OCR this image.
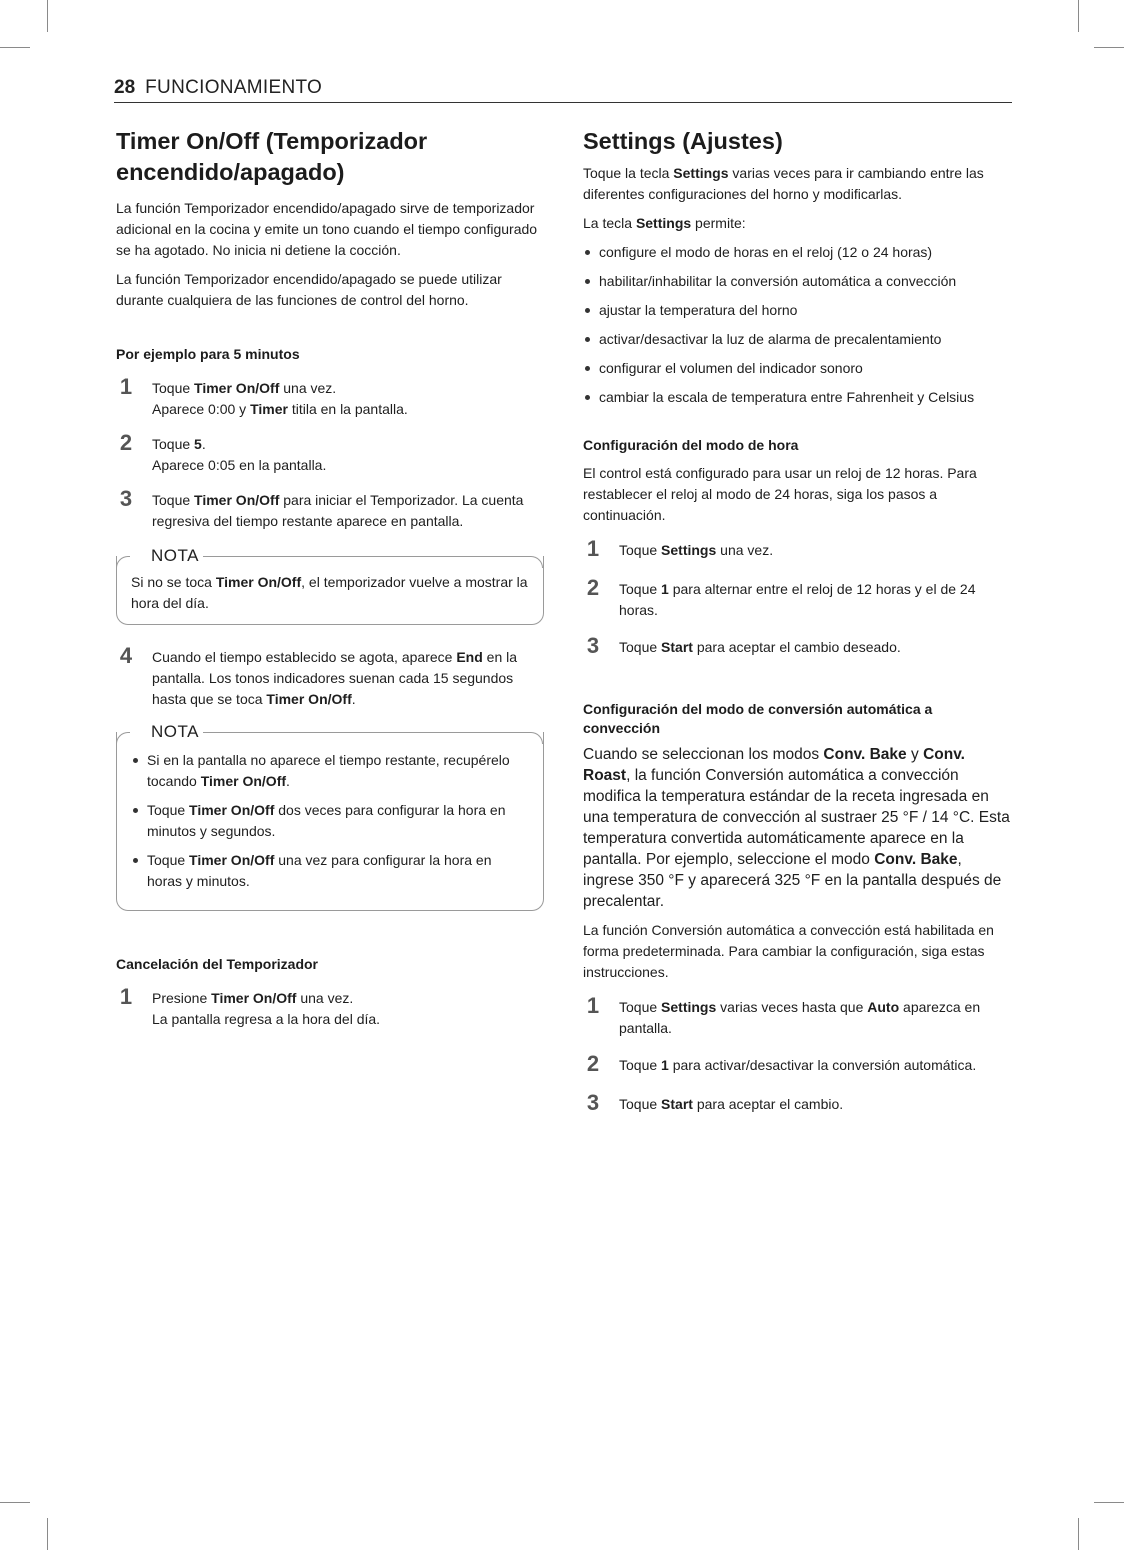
28 FUNCIONAMIENTO
Timer On/Off (Temporizador
encendido/apagado)

La función Temporizador encendido/apagado sirve de temporizador adicional en la cocina y emite un tono cuando el tiempo configurado se ha agotado. No inicia ni detiene la cocción.

La función Temporizador encendido/apagado se puede utilizar durante cualquiera de las funciones de control del horno.

Por ejemplo para 5 minutos
1 Toque Timer On/Off una vez.
Aparece 0:00 y Timer titila en la pantalla.
2 Toque 5.
Aparece 0:05 en la pantalla.
3 Toque Timer On/Off para iniciar el Temporizador. La cuenta regresiva del tiempo restante aparece en pantalla.
NOTA

Si no se toca Timer On/Off, el temporizador vuelve a mostrar la hora del día.

4 Cuando el tiempo establecido se agota, aparece End en la pantalla. Los tonos indicadores suenan cada 15 segundos hasta que se toca Timer On/Off.
NOTA
Si en la pantalla no aparece el tiempo restante, recupérelo tocando Timer On/Off.
Toque Timer On/Off dos veces para configurar la hora en minutos y segundos.
Toque Timer On/Off una vez para configurar la hora en horas y minutos.
Cancelación del Temporizador
1 Presione Timer On/Off una vez.
La pantalla regresa a la hora del día.
Settings (Ajustes)

Toque la tecla Settings varias veces para ir cambiando entre las diferentes configuraciones del horno y modificarlas.

La tecla Settings permite:

configure el modo de horas en el reloj (12 o 24 horas)
habilitar/inhabilitar la conversión automática a convección
ajustar la temperatura del horno
activar/desactivar la luz de alarma de precalentamiento
configurar el volumen del indicador sonoro
cambiar la escala de temperatura entre Fahrenheit y Celsius
Configuración del modo de hora

El control está configurado para usar un reloj de 12 horas. Para restablecer el reloj al modo de 24 horas, siga los pasos a continuación.

1 Toque Settings una vez.
2 Toque 1 para alternar entre el reloj de 12 horas y el de 24 horas.
3 Toque Start para aceptar el cambio deseado.
Configuración del modo de conversión automática a
convección

Cuando se seleccionan los modos Conv. Bake y Conv. Roast, la función Conversión automática a convección modifica la temperatura estándar de la receta ingresada en una temperatura de convección al sustraer 25 °F / 14 °C. Esta temperatura convertida automáticamente aparece en la pantalla. Por ejemplo, seleccione el modo Conv. Bake, ingrese 350 °F y aparecerá 325 °F en la pantalla después de precalentar.

La función Conversión automática a convección está habilitada en forma predeterminada. Para cambiar la configuración, siga estas instrucciones.

1 Toque Settings varias veces hasta que Auto aparezca en pantalla.
2 Toque 1 para activar/desactivar la conversión automática.
3 Toque Start para aceptar el cambio.
